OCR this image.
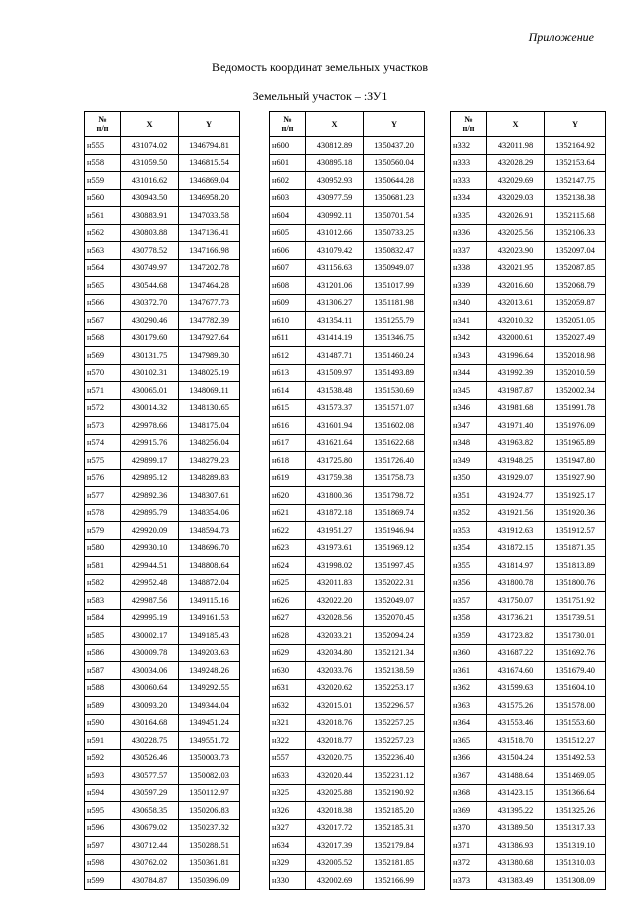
Приложение
Ведомость координат земельных участков
Земельный участок – :ЗУ1
№
п/п	X	Y
н555	431074.02	1346794.81
н558	431059.50	1346815.54
н559	431016.62	1346869.04
н560	430943.50	1346958.20
н561	430883.91	1347033.58
н562	430803.88	1347136.41
н563	430778.52	1347166.98
н564	430749.97	1347202.78
н565	430544.68	1347464.28
н566	430372.70	1347677.73
н567	430290.46	1347782.39
н568	430179.60	1347927.64
н569	430131.75	1347989.30
н570	430102.31	1348025.19
н571	430065.01	1348069.11
н572	430014.32	1348130.65
н573	429978.66	1348175.04
н574	429915.76	1348256.04
н575	429899.17	1348279.23
н576	429895.12	1348289.83
н577	429892.36	1348307.61
н578	429895.79	1348354.06
н579	429920.09	1348594.73
н580	429930.10	1348696.70
н581	429944.51	1348808.64
н582	429952.48	1348872.04
н583	429987.56	1349115.16
н584	429995.19	1349161.53
н585	430002.17	1349185.43
н586	430009.78	1349203.63
н587	430034.06	1349248.26
н588	430060.64	1349292.55
н589	430093.20	1349344.04
н590	430164.68	1349451.24
н591	430228.75	1349551.72
н592	430526.46	1350003.73
н593	430577.57	1350082.03
н594	430597.29	1350112.97
н595	430658.35	1350206.83
н596	430679.02	1350237.32
н597	430712.44	1350288.51
н598	430762.02	1350361.81
н599	430784.87	1350396.09
№
п/п	X	Y
н600	430812.89	1350437.20
н601	430895.18	1350560.04
н602	430952.93	1350644.28
н603	430977.59	1350681.23
н604	430992.11	1350701.54
н605	431012.66	1350733.25
н606	431079.42	1350832.47
н607	431156.63	1350949.07
н608	431201.06	1351017.99
н609	431306.27	1351181.98
н610	431354.11	1351255.79
н611	431414.19	1351346.75
н612	431487.71	1351460.24
н613	431509.97	1351493.89
н614	431538.48	1351530.69
н615	431573.37	1351571.07
н616	431601.94	1351602.08
н617	431621.64	1351622.68
н618	431725.80	1351726.40
н619	431759.38	1351758.73
н620	431800.36	1351798.72
н621	431872.18	1351869.74
н622	431951.27	1351946.94
н623	431973.61	1351969.12
н624	431998.02	1351997.45
н625	432011.83	1352022.31
н626	432022.20	1352049.07
н627	432028.56	1352070.45
н628	432033.21	1352094.24
н629	432034.80	1352121.34
н630	432033.76	1352138.59
н631	432020.62	1352253.17
н632	432015.01	1352296.57
н321	432018.76	1352257.25
н322	432018.77	1352257.23
н557	432020.75	1352236.40
н633	432020.44	1352231.12
н325	432025.88	1352190.92
н326	432018.38	1352185.20
н327	432017.72	1352185.31
н634	432017.39	1352179.84
н329	432005.52	1352181.85
н330	432002.69	1352166.99
№
п/п	X	Y
н332	432011.98	1352164.92
н333	432028.29	1352153.64
н333	432029.69	1352147.75
н334	432029.03	1352138.38
н335	432026.91	1352115.68
н336	432025.56	1352106.33
н337	432023.90	1352097.04
н338	432021.95	1352087.85
н339	432016.60	1352068.79
н340	432013.61	1352059.87
н341	432010.32	1352051.05
н342	432000.61	1352027.49
н343	431996.64	1352018.98
н344	431992.39	1352010.59
н345	431987.87	1352002.34
н346	431981.68	1351991.78
н347	431971.40	1351976.09
н348	431963.82	1351965.89
н349	431948.25	1351947.80
н350	431929.07	1351927.90
н351	431924.77	1351925.17
н352	431921.56	1351920.36
н353	431912.63	1351912.57
н354	431872.15	1351871.35
н355	431814.97	1351813.89
н356	431800.78	1351800.76
н357	431750.07	1351751.92
н358	431736.21	1351739.51
н359	431723.82	1351730.01
н360	431687.22	1351692.76
н361	431674.60	1351679.40
н362	431599.63	1351604.10
н363	431575.26	1351578.00
н364	431553.46	1351553.60
н365	431518.70	1351512.27
н366	431504.24	1351492.53
н367	431488.64	1351469.05
н368	431423.15	1351366.64
н369	431395.22	1351325.26
н370	431389.50	1351317.33
н371	431386.93	1351319.10
н372	431380.68	1351310.03
н373	431383.49	1351308.09
